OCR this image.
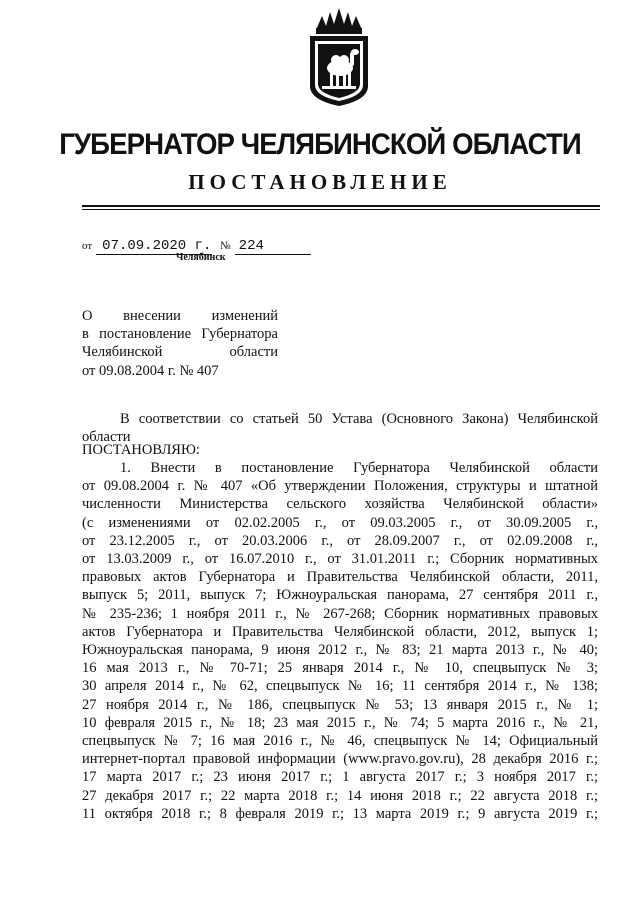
ГУБЕРНАТОР ЧЕЛЯБИНСКОЙ ОБЛАСТИ
ПОСТАНОВЛЕНИЕ
от 07.09.2020 г. № 224
Челябинск
О внесении изменений
в постановление Губернатора
Челябинской области
от 09.08.2004 г. № 407
В соответствии со статьей 50 Устава (Основного Закона) Челябинской области
ПОСТАНОВЛЯЮ:
1. Внести в постановление Губернатора Челябинской области
от 09.08.2004 г. № 407 «Об утверждении Положения, структуры и штатной
численности Министерства сельского хозяйства Челябинской области»
(с изменениями от 02.02.2005 г., от 09.03.2005 г., от 30.09.2005 г.,
от 23.12.2005 г., от 20.03.2006 г., от 28.09.2007 г., от 02.09.2008 г.,
от 13.03.2009 г., от 16.07.2010 г., от 31.01.2011 г.; Сборник нормативных
правовых актов Губернатора и Правительства Челябинской области, 2011,
выпуск 5; 2011, выпуск 7; Южноуральская панорама, 27 сентября 2011 г.,
№ 235-236; 1 ноября 2011 г., № 267-268; Сборник нормативных правовых
актов Губернатора и Правительства Челябинской области, 2012, выпуск 1;
Южноуральская панорама, 9 июня 2012 г., № 83; 21 марта 2013 г., № 40;
16 мая 2013 г., № 70-71; 25 января 2014 г., № 10, спецвыпуск № 3;
30 апреля 2014 г., № 62, спецвыпуск № 16; 11 сентября 2014 г., № 138;
27 ноября 2014 г., № 186, спецвыпуск № 53; 13 января 2015 г., № 1;
10 февраля 2015 г., № 18; 23 мая 2015 г., № 74; 5 марта 2016 г., № 21,
спецвыпуск № 7; 16 мая 2016 г., № 46, спецвыпуск № 14; Официальный
интернет-портал правовой информации (www.pravo.gov.ru), 28 декабря 2016 г.;
17 марта 2017 г.; 23 июня 2017 г.; 1 августа 2017 г.; 3 ноября 2017 г.;
27 декабря 2017 г.; 22 марта 2018 г.; 14 июня 2018 г.; 22 августа 2018 г.;
11 октября 2018 г.; 8 февраля 2019 г.; 13 марта 2019 г.; 9 августа 2019 г.;
